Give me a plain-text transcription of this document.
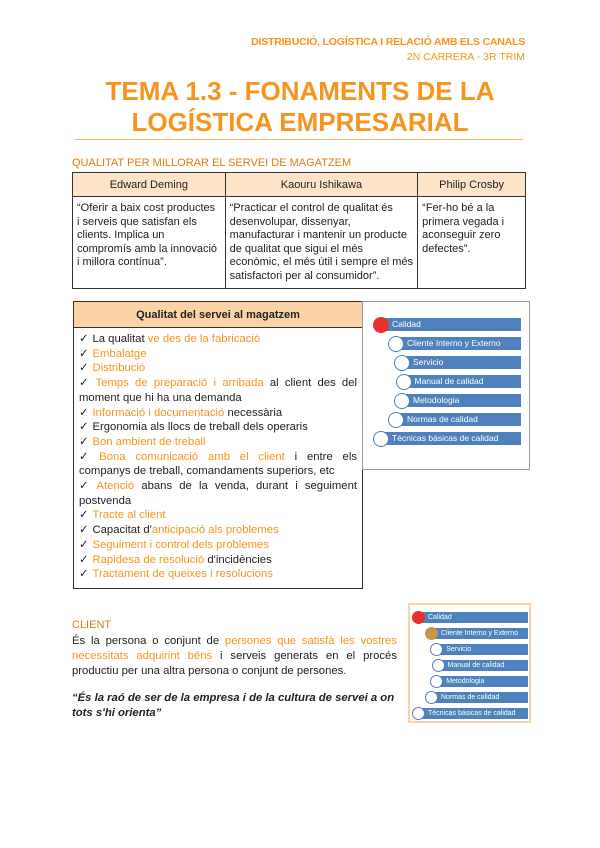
DISTRIBUCIÓ, LOGÍSTICA I RELACIÓ AMB ELS CANALS
2N CARRERA - 3R TRIM
TEMA 1.3 - FONAMENTS DE LA
LOGÍSTICA EMPRESARIAL
QUALITAT PER MILLORAR EL SERVEI DE MAGATZEM
Edward Deming	Kaouru Ishikawa	Philip Crosby
“Oferir a baix cost productes i serveis que satisfan els clients. Implica un compromís amb la innovació i millora contínua”.	“Practicar el control de qualitat és desenvolupar, dissenyar, manufacturar i mantenir un producte de qualitat que sigui el més econòmic, el més útil i sempre el més satisfactori per al consumidor”.	“Fer-ho bé a la primera vegada i aconseguir zero defectes”.
Qualitat del servei al magatzem
✓ La qualitat ve des de la fabricació
✓ Embalatge
✓ Distribució
✓ Temps de preparació i arribada al client des del moment que hi ha una demanda
✓ Informació i documentació necessària
✓ Ergonomia als llocs de treball dels operaris
✓ Bon ambient de treball
✓ Bona comunicació amb el client i entre els companys de treball, comandaments superiors, etc
✓ Atenció abans de la venda, durant i seguiment postvenda
✓ Tracte al client
✓ Capacitat d'anticipació als problemes
✓ Seguiment i control dels problemes
✓ Rapidesa de resolució d'incidències
✓ Tractament de queixes i resolucions
Calidad
Cliente Interno y Externo
Servicio
Manual de calidad
Metodologia
Normas de calidad
Técnicas básicas de calidad
Calidad
Cliente Interno y Externo
Servicio
Manual de calidad
Metodologia
Normas de calidad
Técnicas básicas de calidad
CLIENT
És la persona o conjunt de persones que satisfà les vostres necessitats adquirint béns i serveis generats en el procés productiu per una altra persona o conjunt de persones.
“És la raó de ser de la empresa i de la cultura de servei a on tots s'hi orienta”
